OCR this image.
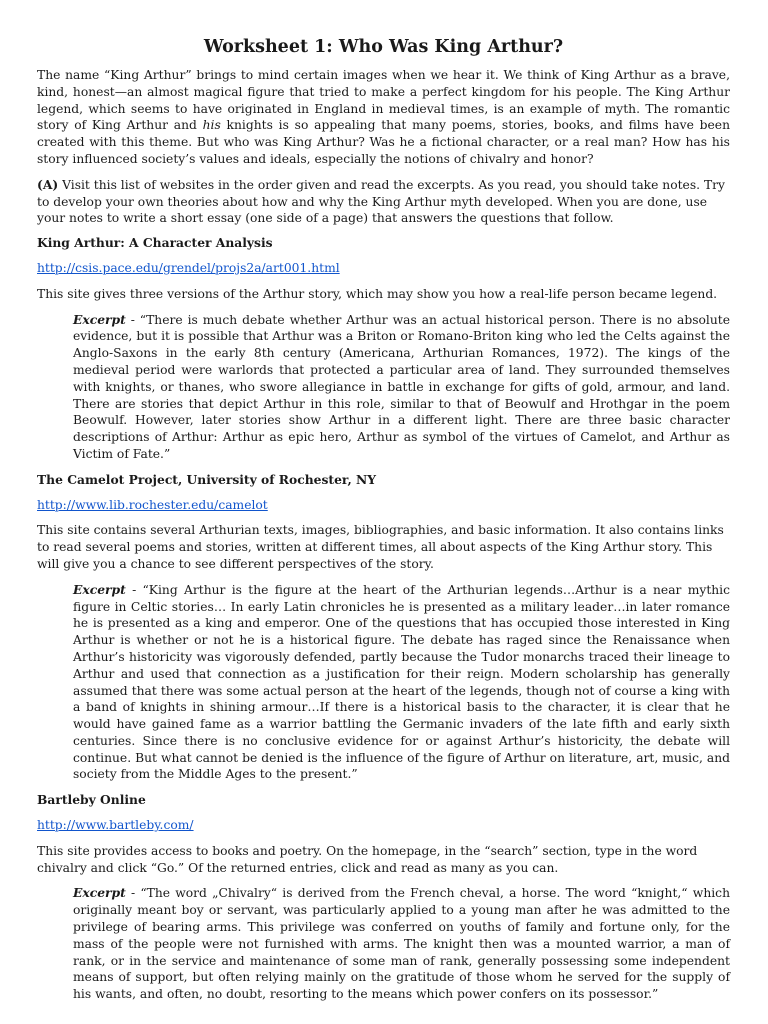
Worksheet 1: Who Was King Arthur?

The name “King Arthur” brings to mind certain images when we hear it. We think of King Arthur as a brave, kind, honest—an almost magical figure that tried to make a perfect kingdom for his people. The King Arthur legend, which seems to have originated in England in medieval times, is an example of myth. The romantic story of King Arthur and his knights is so appealing that many poems, stories, books, and films have been created with this theme. But who was King Arthur? Was he a fictional character, or a real man? How has his story influenced society’s values and ideals, especially the notions of chivalry and honor?

(A) Visit this list of websites in the order given and read the excerpts. As you read, you should take notes. Try to develop your own theories about how and why the King Arthur myth developed. When you are done, use your notes to write a short essay (one side of a page) that answers the questions that follow.

King Arthur: A Character Analysis

http://csis.pace.edu/grendel/projs2a/art001.html

This site gives three versions of the Arthur story, which may show you how a real-life person became legend.

Excerpt - “There is much debate whether Arthur was an actual historical person. There is no absolute evidence, but it is possible that Arthur was a Briton or Romano-Briton king who led the Celts against the Anglo-Saxons in the early 8th century (Americana, Arthurian Romances, 1972). The kings of the medieval period were warlords that protected a particular area of land. They surrounded themselves with knights, or thanes, who swore allegiance in battle in exchange for gifts of gold, armour, and land. There are stories that depict Arthur in this role, similar to that of Beowulf and Hrothgar in the poem Beowulf. However, later stories show Arthur in a different light. There are three basic character descriptions of Arthur: Arthur as epic hero, Arthur as symbol of the virtues of Camelot, and Arthur as Victim of Fate.”

The Camelot Project, University of Rochester, NY

http://www.lib.rochester.edu/camelot

This site contains several Arthurian texts, images, bibliographies, and basic information. It also contains links to read several poems and stories, written at different times, all about aspects of the King Arthur story. This will give you a chance to see different perspectives of the story.

Excerpt - “King Arthur is the figure at the heart of the Arthurian legends…Arthur is a near mythic figure in Celtic stories… In early Latin chronicles he is presented as a military leader…in later romance he is presented as a king and emperor. One of the questions that has occupied those interested in King Arthur is whether or not he is a historical figure. The debate has raged since the Renaissance when Arthur’s historicity was vigorously defended, partly because the Tudor monarchs traced their lineage to Arthur and used that connection as a justification for their reign. Modern scholarship has generally assumed that there was some actual person at the heart of the legends, though not of course a king with a band of knights in shining armour…If there is a historical basis to the character, it is clear that he would have gained fame as a warrior battling the Germanic invaders of the late fifth and early sixth centuries. Since there is no conclusive evidence for or against Arthur’s historicity, the debate will continue. But what cannot be denied is the influence of the figure of Arthur on literature, art, music, and society from the Middle Ages to the present.”

Bartleby Online

http://www.bartleby.com/

This site provides access to books and poetry. On the homepage, in the “search” section, type in the word chivalry and click “Go.” Of the returned entries, click and read as many as you can.

Excerpt - “The word „Chivalry“ is derived from the French cheval, a horse. The word “knight,“ which originally meant boy or servant, was particularly applied to a young man after he was admitted to the privilege of bearing arms. This privilege was conferred on youths of family and fortune only, for the mass of the people were not furnished with arms. The knight then was a mounted warrior, a man of rank, or in the service and maintenance of some man of rank, generally possessing some independent means of support, but often relying mainly on the gratitude of those whom he served for the supply of his wants, and often, no doubt, resorting to the means which power confers on its possessor.”
